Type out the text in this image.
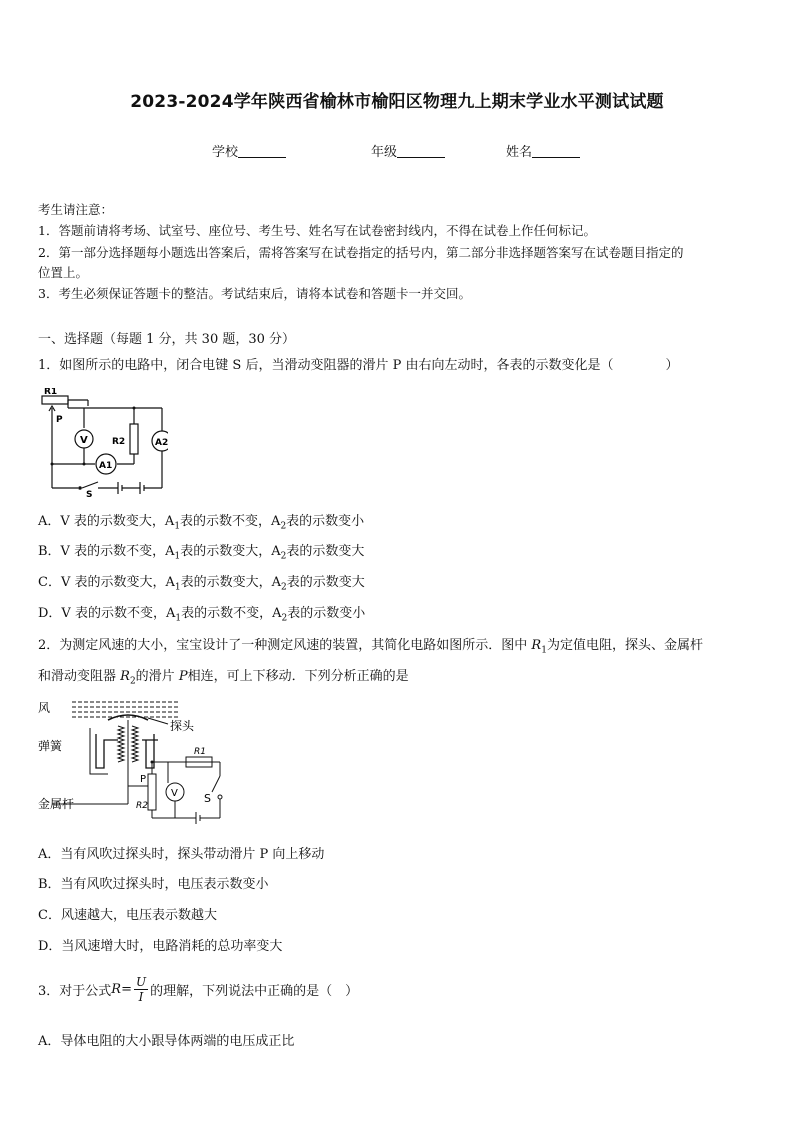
2023-2024学年陕西省榆林市榆阳区物理九上期末学业水平测试试题
学校	年级	姓名
考生请注意：
1．答题前请将考场、试室号、座位号、考生号、姓名写在试卷密封线内，不得在试卷上作任何标记。
2．第一部分选择题每小题选出答案后，需将答案写在试卷指定的括号内，第二部分非选择题答案写在试卷题目指定的
位置上。
3．考生必须保证答题卡的整洁。考试结束后，请将本试卷和答题卡一并交回。
一、选择题（每题 1 分，共 30 题，30 分）
1．如图所示的电路中，闭合电键 S 后，当滑动变阻器的滑片 P 由右向左动时，各表的示数变化是（　　　　）
R1
P
V	R2	A2
A1
S
A．V 表的示数变大，$A_1$表的示数不变，$A_2$表的示数变小
B．V 表的示数不变，$A_1$表的示数变大，$A_2$表的示数变大
C．V 表的示数变大，$A_1$表的示数变大，$A_2$表的示数变大
D．V 表的示数不变，$A_1$表的示数不变，$A_2$表的示数变小
2．为测定风速的大小，宝宝设计了一种测定风速的装置，其简化电路如图所示．图中 $R_1$为定值电阻，探头、金属杆
和滑动变阻器 $R_2$的滑片 P相连，可上下移动．下列分析正确的是
风
探头
弹簧
金属杆
R1
R2
P
V S
A．当有风吹过探头时，探头带动滑片 P 向上移动
B．当有风吹过探头时，电压表示数变小
C．风速越大，电压表示数越大
D．当风速增大时，电路消耗的总功率变大
3．对于公式 $R = \frac{U}{I}$ 的理解，下列说法中正确的是（　）
A．导体电阻的大小跟导体两端的电压成正比
